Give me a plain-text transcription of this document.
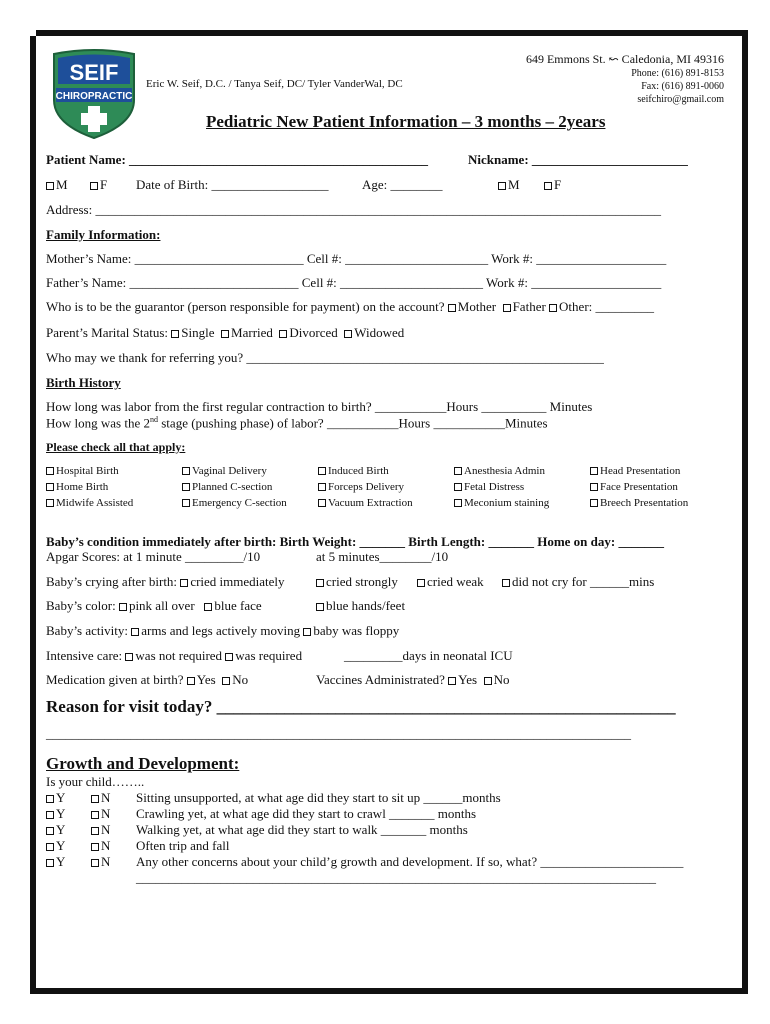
SEIF
CHIROPRACTIC
Eric W. Seif, D.C. / Tanya Seif, DC/ Tyler VanderWal, DC
649 Emmons St. ↜ Caledonia, MI 49316
Phone: (616) 891-8153
Fax: (616) 891-0060
seifchiro@gmail.com
Pediatric New Patient Information – 3 months – 2years
Patient Name: ______________________________________________	Nickname: ________________________
M	F Date of Birth: __________________	Age: ________	M	F
Address: _______________________________________________________________________________________
Family Information:
Mother’s Name: __________________________ Cell #: ______________________ Work #: ____________________
Father’s Name: __________________________ Cell #: ______________________ Work #: ____________________
Who is to be the guarantor (person responsible for payment) on the account? Mother Father Other: _________
Parent’s Marital Status: Single Married Divorced Widowed
Who may we thank for referring you? _______________________________________________________
Birth History
How long was labor from the first regular contraction to birth? ___________Hours __________ Minutes
How long was the 2nd stage (pushing phase) of labor? ___________Hours ___________Minutes
Please check all that apply:
Hospital Birth	Vaginal Delivery	Induced Birth	Anesthesia Admin	Head Presentation
Home Birth	Planned C-section	Forceps Delivery	Fetal Distress	Face Presentation
Midwife Assisted	Emergency C-section	Vacuum Extraction	Meconium staining	Breech Presentation
Baby’s condition immediately after birth: Birth Weight: _______ Birth Length: _______ Home on day: _______
Apgar Scores: at 1 minute _________/10	at 5 minutes________/10
Baby’s crying after birth: cried immediately	cried strongly	cried weak	did not cry for ______mins
Baby’s color: pink all over blue face	blue hands/feet
Baby’s activity: arms and legs actively moving baby was floppy
Intensive care: was not required was required	_________days in neonatal ICU
Medication given at birth? Yes No	Vaccines Administrated? Yes No
Reason for visit today? ______________________________________________________
__________________________________________________________________________________________
Growth and Development:
Is your child……..
Y	N Sitting unsupported, at what age did they start to sit up ______months
Y	N Crawling yet, at what age did they start to crawl _______ months
Y	N Walking yet, at what age did they start to walk _______ months
Y	N Often trip and fall
Y	N Any other concerns about your child’g growth and development. If so, what? ______________________
________________________________________________________________________________
